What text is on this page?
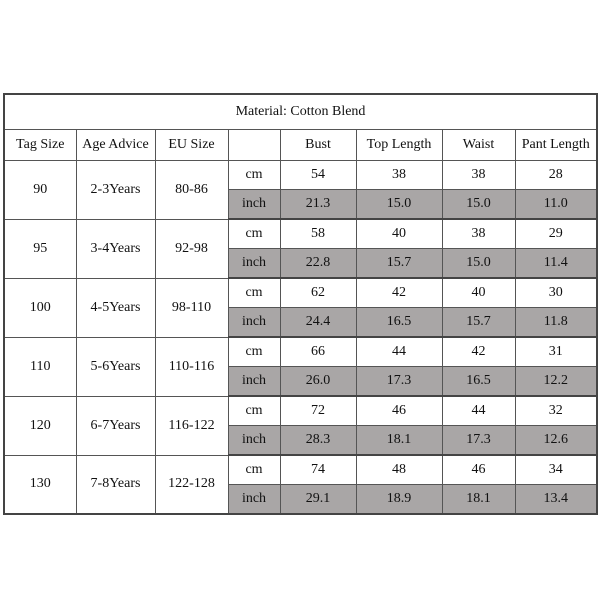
Material: Cotton Blend							
Tag Size	Age Advice	EU Size		Bust	Top Length	Waist	Pant Length
90	2-3Years	80-86	cm	54	38	38	28
			inch	21.3	15.0	15.0	11.0
95	3-4Years	92-98	cm	58	40	38	29
			inch	22.8	15.7	15.0	11.4
100	4-5Years	98-110	cm	62	42	40	30
			inch	24.4	16.5	15.7	11.8
110	5-6Years	110-116	cm	66	44	42	31
			inch	26.0	17.3	16.5	12.2
120	6-7Years	116-122	cm	72	46	44	32
			inch	28.3	18.1	17.3	12.6
130	7-8Years	122-128	cm	74	48	46	34
			inch	29.1	18.9	18.1	13.4
